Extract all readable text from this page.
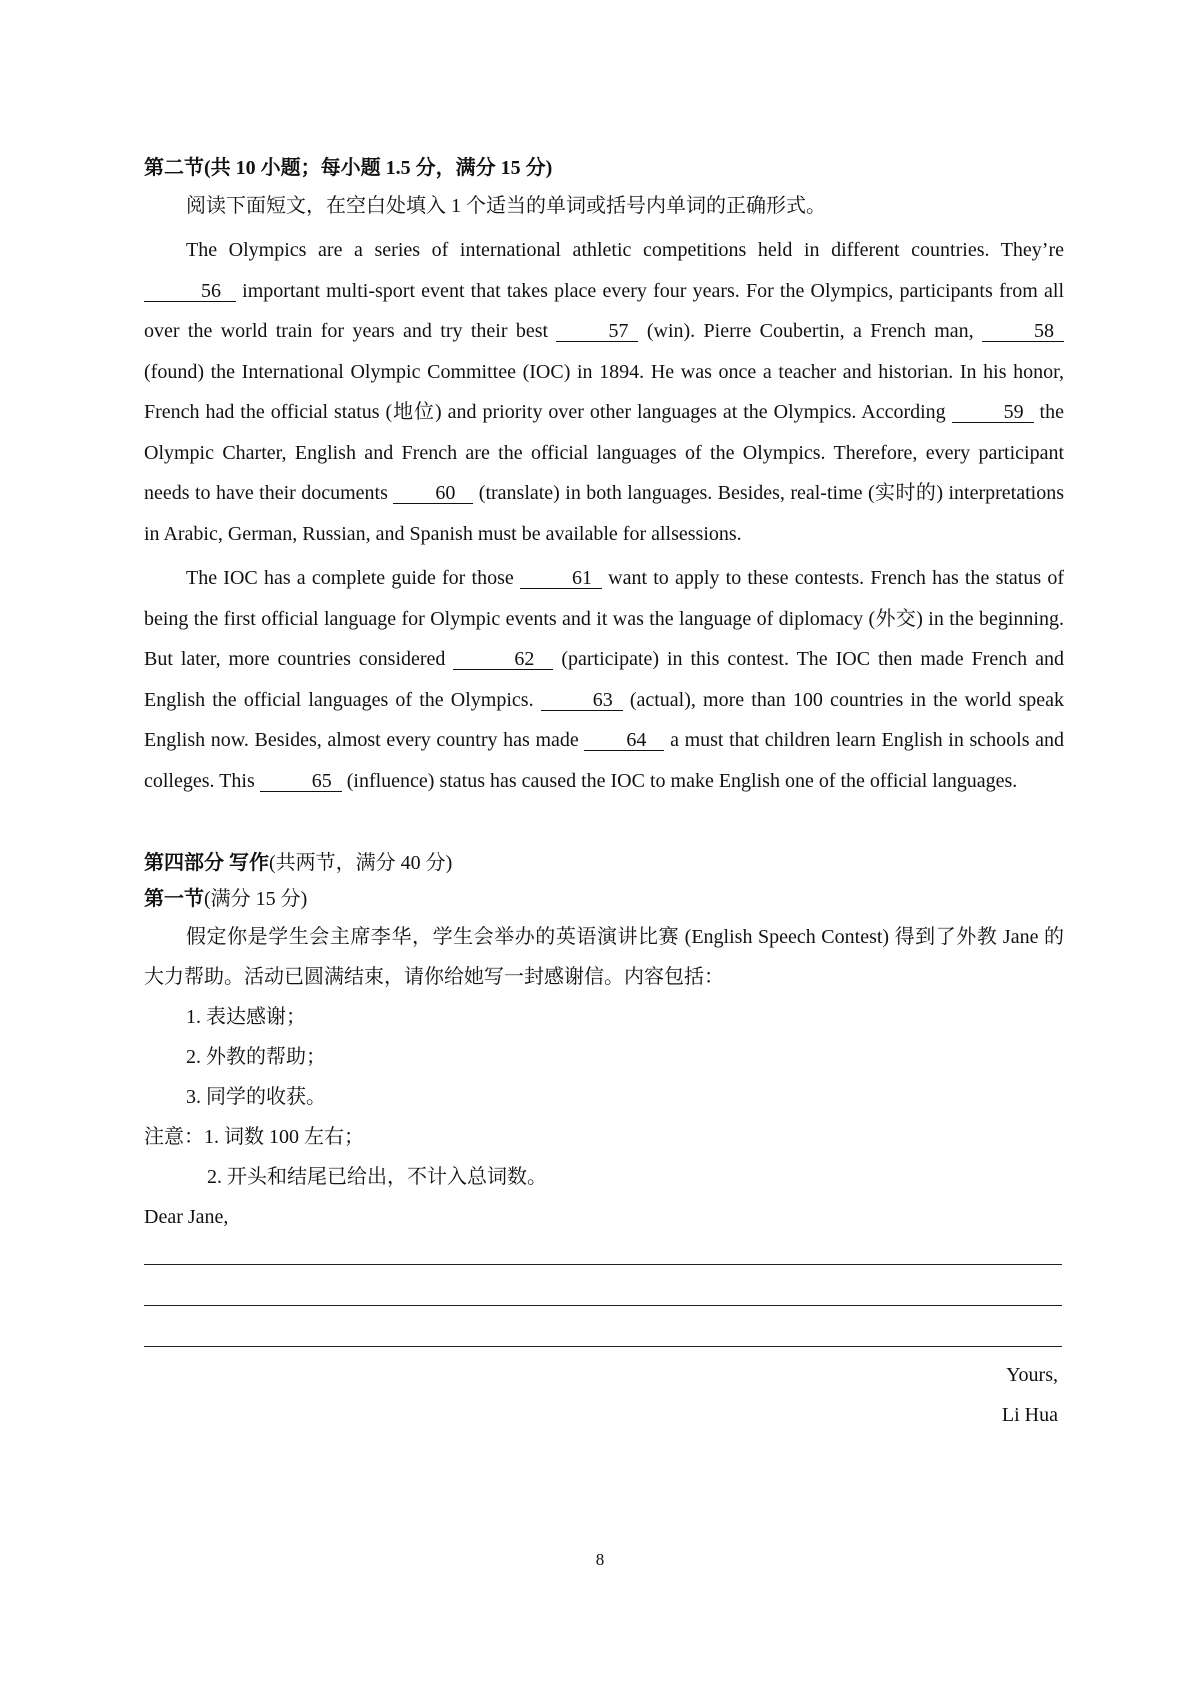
第二节(共 10 小题；每小题 1.5 分，满分 15 分)

阅读下面短文，在空白处填入 1 个适当的单词或括号内单词的正确形式。

The Olympics are a series of international athletic competitions held in different countries. They’re 56 important multi-sport event that takes place every four years. For the Olympics, participants from all over the world train for years and try their best	57 (win). Pierre Coubertin, a French man,	58 (found) the International Olympic Committee (IOC) in 1894. He was once a teacher and historian. In his honor, French had the official status (地位) and priority over other languages at the Olympics. According	59 the Olympic Charter, English and French are the official languages of the Olympics. Therefore, every participant needs to have their documents 60 (translate) in both languages. Besides, real-time (实时的) interpretations in Arabic, German, Russian, and Spanish must be available for allsessions.

The IOC has a complete guide for those	61 want to apply to these contests. French has the status of being the first official language for Olympic events and it was the language of diplomacy (外交) in the beginning. But later, more countries considered	62 (participate) in this contest. The IOC then made French and English the official languages of the Olympics.	63 (actual), more than 100 countries in the world speak English now. Besides, almost every country has made 64 a must that children learn English in schools and colleges. This	65 (influence) status has caused the IOC to make English one of the official languages.

第四部分 写作(共两节，满分 40 分)

第一节(满分 15 分)

假定你是学生会主席李华，学生会举办的英语演讲比赛 (English Speech Contest) 得到了外教 Jane 的大力帮助。活动已圆满结束，请你给她写一封感谢信。内容包括：

1. 表达感谢；

2. 外教的帮助；

3. 同学的收获。

注意：1. 词数 100 左右；

2. 开头和结尾已给出，不计入总词数。

Dear Jane,

Yours,

Li Hua

8
